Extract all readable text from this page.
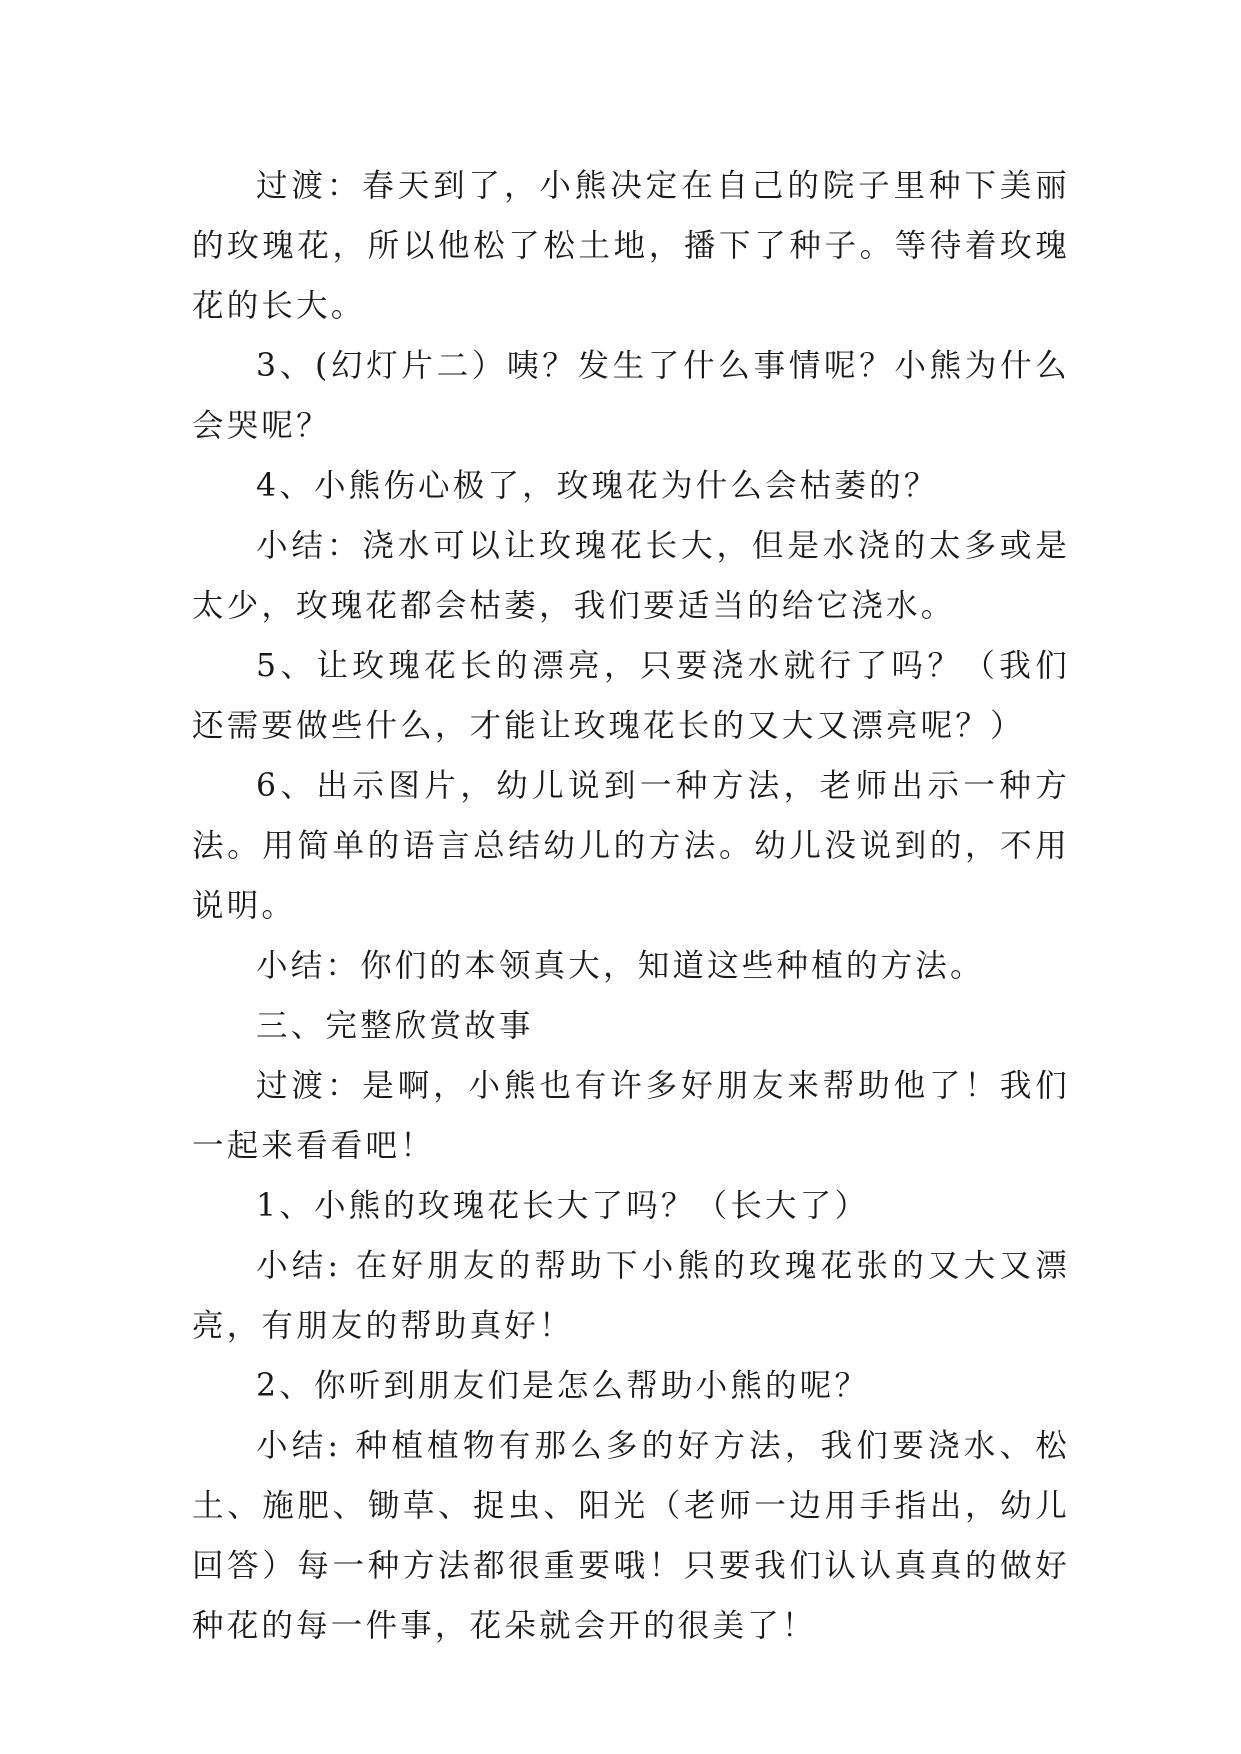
过渡：春天到了，小熊决定在自己的院子里种下美丽的玫瑰花，所以他松了松土地，播下了种子。等待着玫瑰花的长大。

3、(幻灯片二）咦？发生了什么事情呢？小熊为什么会哭呢？

4、小熊伤心极了，玫瑰花为什么会枯萎的？

小结：浇水可以让玫瑰花长大，但是水浇的太多或是太少，玫瑰花都会枯萎，我们要适当的给它浇水。

5、让玫瑰花长的漂亮，只要浇水就行了吗？（我们还需要做些什么，才能让玫瑰花长的又大又漂亮呢？）

6、出示图片，幼儿说到一种方法，老师出示一种方法。用简单的语言总结幼儿的方法。幼儿没说到的，不用说明。

小结：你们的本领真大，知道这些种植的方法。

三、完整欣赏故事

过渡：是啊，小熊也有许多好朋友来帮助他了！我们一起来看看吧！

1、小熊的玫瑰花长大了吗？（长大了）

小结: 在好朋友的帮助下小熊的玫瑰花张的又大又漂亮，有朋友的帮助真好！

2、你听到朋友们是怎么帮助小熊的呢？

小结: 种植植物有那么多的好方法，我们要浇水、松土、施肥、锄草、捉虫、阳光（老师一边用手指出，幼儿回答）每一种方法都很重要哦！只要我们认认真真的做好种花的每一件事，花朵就会开的很美了！
